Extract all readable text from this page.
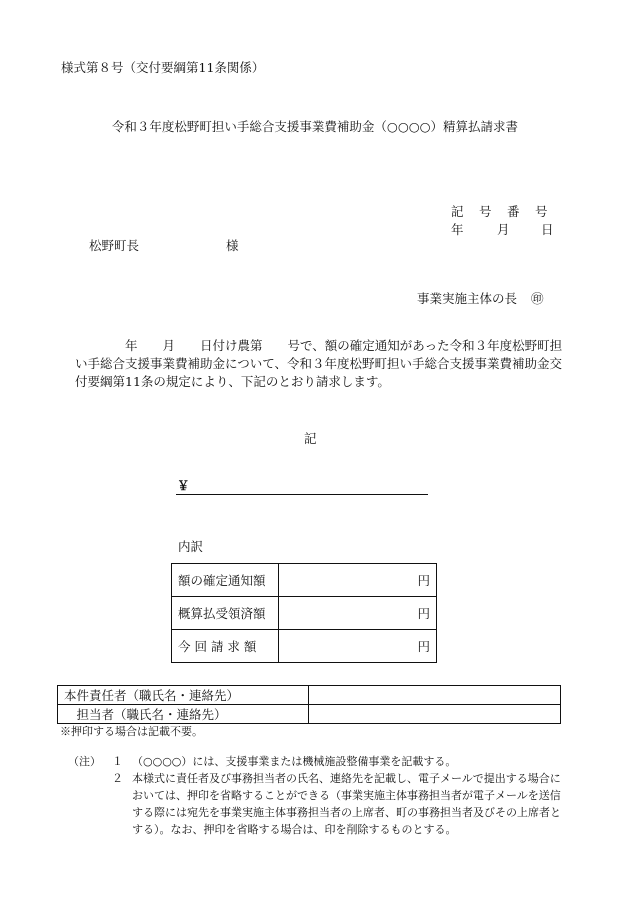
様式第８号（交付要綱第11条関係）
令和３年度松野町担い手総合支援事業費補助金（○○○○）精算払請求書
記 号 番 号
年	月	日
松野町長	様
事業実施主体の長 ㊞
　　　　年　　月　　日付け農第　　号で、額の確定通知があった令和３年度松野町担い手総合支援事業費補助金について、令和３年度松野町担い手総合支援事業費補助金交付要綱第11条の規定により、下記のとおり請求します。
記
￥
内訳
額の確定通知額	円
概算払受領済額	円
今 回 請 求 額	円
本件責任者（職氏名・連絡先）	
　担当者（職氏名・連絡先）	
※押印する場合は記載不要。
（注）	１ （○○○○）には、支援事業または機械施設整備事業を記載する。
２ 本様式に責任者及び事務担当者の氏名、連絡先を記載し、電子メールで提出する場合においては、押印を省略することができる（事業実施主体事務担当者が電子メールを送信する際には宛先を事業実施主体事務担当者の上席者、町の事務担当者及びその上席者とする）。なお、押印を省略する場合は、印を削除するものとする。
